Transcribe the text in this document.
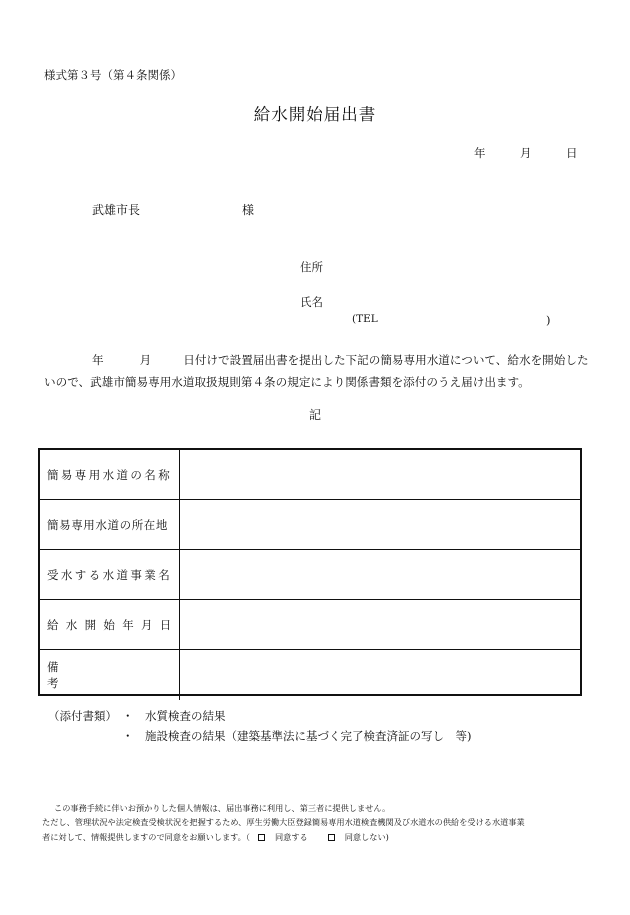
様式第３号（第４条関係）
給水開始届出書
年	月	日
武雄市長	様
住所
氏名
(TEL	)
年	月	日付けで設置届出書を提出した下記の簡易専用水道について、給水を開始した
いので、武雄市簡易専用水道取扱規則第４条の規定により関係書類を添付のうえ届け出ます。
記
簡易専用水道の名称
簡易専用水道の所在地
受水する水道事業名
給水開始年月日
備考
（添付書類） ・　水質検査の結果
・　施設検査の結果（建築基準法に基づく完了検査済証の写し　等)
この事務手続に伴いお預かりした個人情報は、届出事務に利用し、第三者に提供しません。
ただし、管理状況や法定検査受検状況を把握するため、厚生労働大臣登録簡易専用水道検査機関及び水道水の供給を受ける水道事業
者に対して、情報提供しますので同意をお願いします。（	同意する	同意しない)
